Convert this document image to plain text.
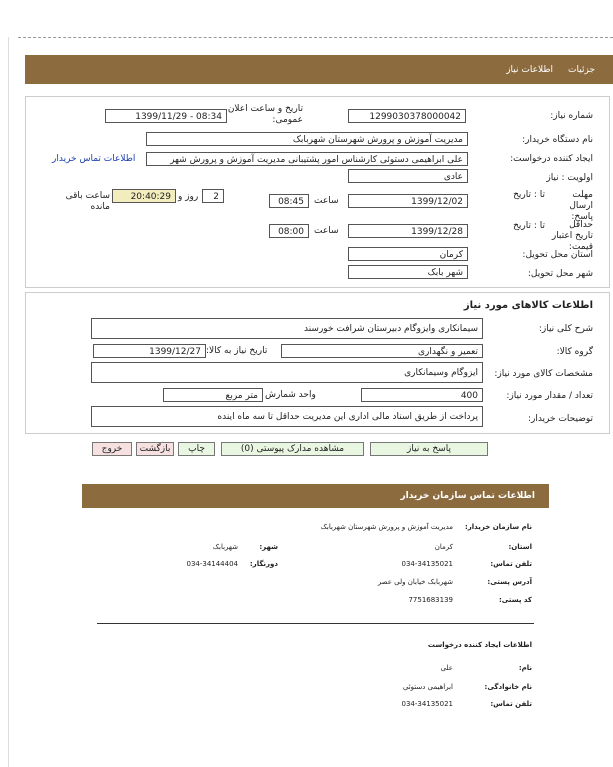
جزئیات
اطلاعات نیاز
شماره نیاز:
1299030378000042
تاریخ و ساعت اعلان عمومی:
1399/11/29 - 08:34
نام دستگاه خریدار:
مدیریت آموزش و پرورش شهرستان شهربابک
ایجاد کننده درخواست:
علی ابراهیمی دستوئی کارشناس امور پشتیبانی مدیریت آموزش و پرورش شهر
اطلاعات تماس خریدار
اولویت : نیاز
عادی
مهلت ارسال پاسخ:
تا : تاریخ
1399/12/02
ساعت
08:45
2
روز و
20:40:29
ساعت باقی مانده
حداقل تاریخ اعتبار قیمت:
تا : تاریخ
1399/12/28
ساعت
08:00
استان محل تحویل:
کرمان
شهر محل تحویل:
شهر بابک
اطلاعات کالاهای مورد نیاز
شرح کلی نیاز:
سیمانکاری وایزوگام دبیرستان شرافت خورسند
گروه کالا:
تعمیر و نگهداری
تاریخ نیاز به کالا:
1399/12/27
مشخصات کالای مورد نیاز:
ایزوگام وسیمانکاری
تعداد / مقدار مورد نیاز:
400
واحد شمارش
متر مربع
توضیحات خریدار:
پرداخت از طریق اسناد مالی اداری این مدیریت حداقل تا سه ماه اینده
پاسخ به نیاز
مشاهده مدارک پیوستی (0)
چاپ
بازگشت
خروج
اطلاعات تماس سازمان خریدار
نام سازمان خریدار:
مدیریت آموزش و پرورش شهرستان شهربابک
استان:
کرمان
شهر:
شهربابک
تلفن تماس:
034-34135021
دورنگار:
034-34144404
آدرس پستی:
شهربابک خیابان ولی عصر
کد پستی:
7751683139
اطلاعات ایجاد کننده درخواست
نام:
علی
نام خانوادگی:
ابراهیمی دستوئی
تلفن تماس:
034-34135021
